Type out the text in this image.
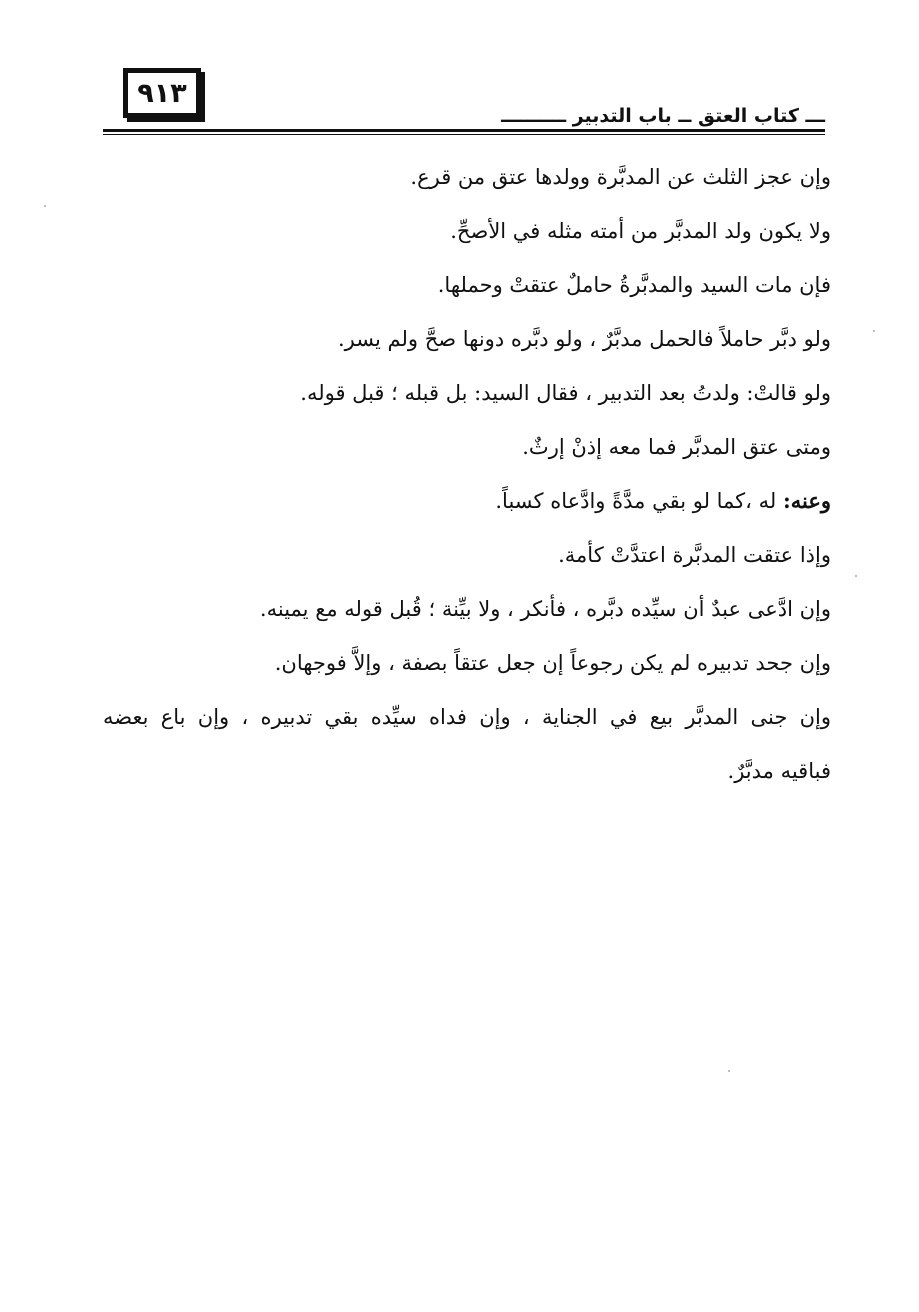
٩١٣
ـــ كتاب العتق ــ باب التدبير ــــــــــ

وإن عجز الثلث عن المدبَّرة وولدها عتق من قرع.

ولا يكون ولد المدبَّر من أمته مثله في الأصحِّ.

فإن مات السيد والمدبَّرةُ حاملٌ عتقتْ وحملها.

ولو دبَّر حاملاً فالحمل مدبَّرٌ ، ولو دبَّره دونها صحَّ ولم يسر.

ولو قالتْ: ولدتُ بعد التدبير ، فقال السيد: بل قبله ؛ قبل قوله.

ومتى عتق المدبَّر فما معه إذنْ إرثٌ.

وعنه: له ،كما لو بقي مدَّةً وادَّعاه كسباً.

وإذا عتقت المدبَّرة اعتدَّتْ كأمة.

وإن ادَّعى عبدٌ أن سيِّده دبَّره ، فأنكر ، ولا بيِّنة ؛ قُبل قوله مع يمينه.

وإن جحد تدبيره لم يكن رجوعاً إن جعل عتقاً بصفة ، وإلاَّ فوجهان.

وإن جنى المدبَّر بيع في الجناية ، وإن فداه سيِّده بقي تدبيره ، وإن باع بعضه

فباقيه مدبَّرٌ.
